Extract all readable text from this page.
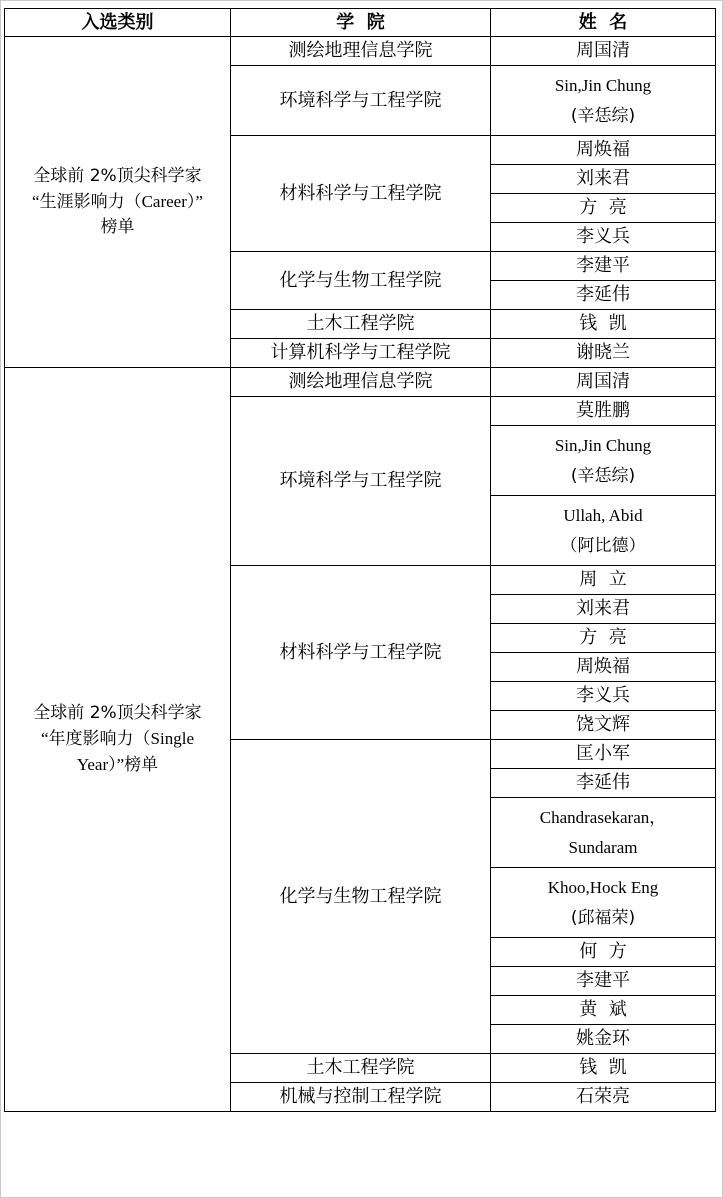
入选类别	学  院	姓  名
全球前 2%顶尖科学家
“生涯影响力（Career）”
榜单	测绘地理信息学院	周国清
	环境科学与工程学院	Sin,Jin Chung
(辛恁综)
	材料科学与工程学院	周焕福
		刘来君
		方  亮
		李义兵
	化学与生物工程学院	李建平
		李延伟
	土木工程学院	钱  凯
	计算机科学与工程学院	谢晓兰
全球前 2%顶尖科学家
“年度影响力（Single
Year）”榜单	测绘地理信息学院	周国清
	环境科学与工程学院	莫胜鹏
		Sin,Jin Chung
(辛恁综)
		Ullah, Abid
（阿比德）
	材料科学与工程学院	周  立
		刘来君
		方  亮
		周焕福
		李义兵
		饶文辉
	化学与生物工程学院	匡小军
		李延伟
		Chandrasekaran，
Sundaram
		Khoo,Hock Eng
(邱福荣)
		何  方
		李建平
		黄  斌
		姚金环
	土木工程学院	钱  凯
	机械与控制工程学院	石荣亮
